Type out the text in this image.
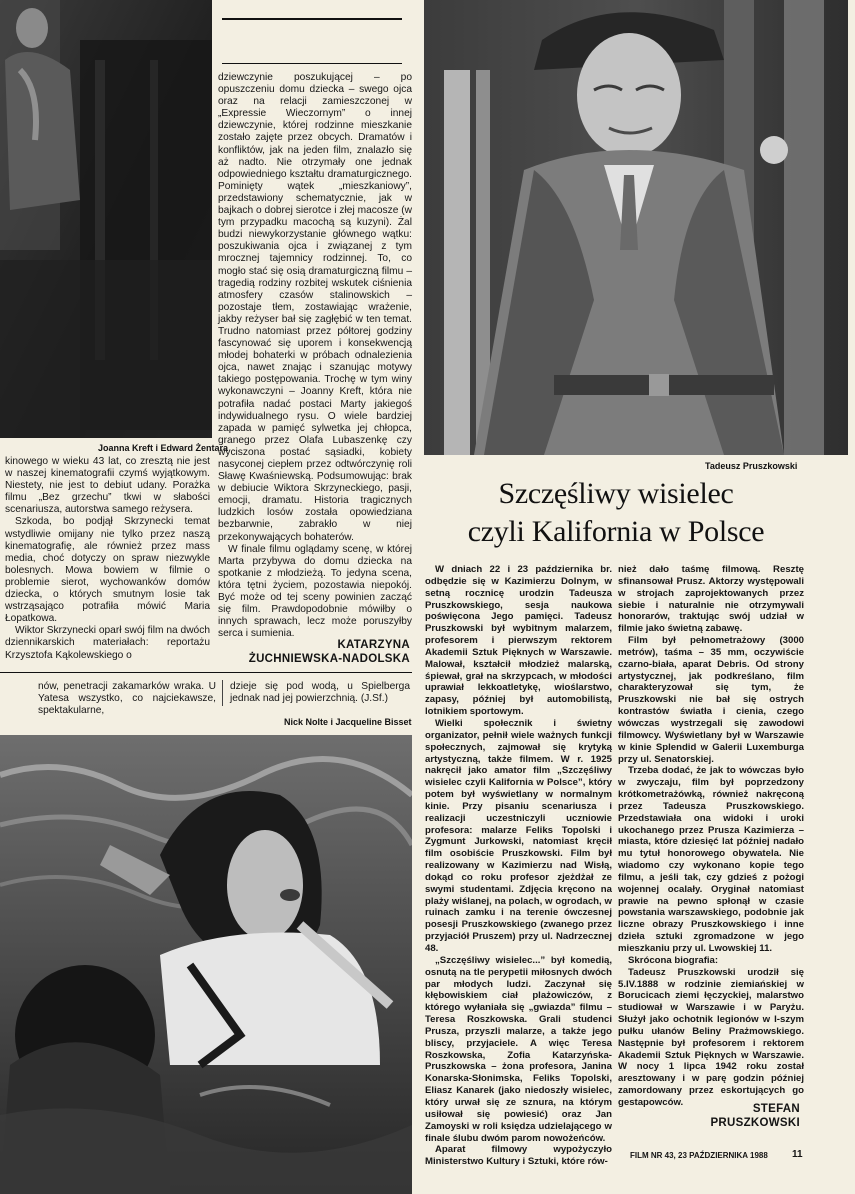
Joanna Kreft i Edward Żentara

kinowego w wieku 43 lat, co zresztą nie jest w naszej kinematografii czymś wyjątkowym. Niestety, nie jest to debiut udany. Porażka filmu „Bez grzechu” tkwi w słabości scenariusza, autorstwa samego reżysera.

Szkoda, bo podjął Skrzynecki temat wstydliwie omijany nie tylko przez naszą kinematografię, ale również przez mass media, choć dotyczy on spraw niezwykle bolesnych. Mowa bowiem w filmie o problemie sierot, wychowanków domów dziecka, o których smutnym losie tak wstrząsająco potrafiła mówić Maria Łopatkowa.

Wiktor Skrzynecki oparł swój film na dwóch dziennikarskich materiałach: reportażu Krzysztofa Kąkolewskiego o

dziewczynie poszukującej – po opuszczeniu domu dziecka – swego ojca oraz na relacji zamieszczonej w „Expressie Wieczornym” o innej dziewczynie, której rodzinne mieszkanie zostało zajęte przez obcych. Dramatów i konfliktów, jak na jeden film, znalazło się aż nadto. Nie otrzymały one jednak odpowiedniego kształtu dramaturgicznego. Pominięty wątek „mieszkaniowy”, przedstawiony schematycznie, jak w bajkach o dobrej sierotce i złej macosze (w tym przypadku macochą są kuzyni). Żal budzi niewykorzystanie głównego wątku: poszukiwania ojca i związanej z tym mrocznej tajemnicy rodzinnej. To, co mogło stać się osią dramaturgiczną filmu – tragedią rodziny rozbitej wskutek ciśnienia atmosfery czasów stalinowskich – pozostaje tłem, zostawiając wrażenie, jakby reżyser bał się zagłębić w ten temat. Trudno natomiast przez półtorej godziny fascynować się uporem i konsekwencją młodej bohaterki w próbach odnalezienia ojca, nawet znając i szanując motywy takiego postępowania. Trochę w tym winy wykonawczyni – Joanny Kreft, która nie potrafiła nadać postaci Marty jakiegoś indywidualnego rysu. O wiele bardziej zapada w pamięć sylwetka jej chłopca, granego przez Olafa Lubaszenkę czy wyciszona postać sąsiadki, kobiety nasyconej ciepłem przez odtwórczynię roli Sławę Kwaśniewską. Podsumowując: brak w debiucie Wiktora Skrzyneckiego, pasji, emocji, dramatu. Historia tragicznych ludzkich losów została opowiedziana bezbarwnie, zabrakło w niej przekonywających bohaterów.

W finale filmu oglądamy scenę, w której Marta przybywa do domu dziecka na spotkanie z młodzieżą. To jedyna scena, która tętni życiem, pozostawia niepokój. Być może od tej sceny powinien zacząć się film. Prawdopodobnie mówiłby o innych sprawach, lecz może poruszyłby serca i sumienia.

KATARZYNA
ŻUCHNIEWSKA-NADOLSKA

nów, penetracji zakamarków wraka. U Yatesa wszystko, co najciekawsze, spektakularne,

dzieje się pod wodą, u Spielberga jednak nad jej powierzchnią. (J.Sf.)

Nick Nolte i Jacqueline Bisset
Tadeusz Pruszkowski
Szczęśliwy wisielec
czyli Kalifornia w Polsce

W dniach 22 i 23 października br. odbędzie się w Kazimierzu Dolnym, w setną rocznicę urodzin Tadeusza Pruszkowskiego, sesja naukowa poświęcona Jego pamięci. Tadeusz Pruszkowski był wybitnym malarzem, profesorem i pierwszym rektorem Akademii Sztuk Pięknych w Warszawie. Malował, kształcił młodzież malarską, śpiewał, grał na skrzypcach, w młodości uprawiał lekkoatletykę, wioślarstwo, zapasy, później był automobilistą, lotnikiem sportowym.

Wielki społecznik i świetny organizator, pełnił wiele ważnych funkcji społecznych, zajmował się krytyką artystyczną, także filmem. W r. 1925 nakręcił jako amator film „Szczęśliwy wisielec czyli Kalifornia w Polsce”, który potem był wyświetlany w normalnym kinie. Przy pisaniu scenariusza i realizacji uczestniczyli uczniowie profesora: malarze Feliks Topolski i Zygmunt Jurkowski, natomiast kręcił film osobiście Pruszkowski. Film był realizowany w Kazimierzu nad Wisłą, dokąd co roku profesor zjeżdżał ze swymi studentami. Zdjęcia kręcono na plaży wiślanej, na polach, w ogrodach, w ruinach zamku i na terenie ówczesnej posesji Pruszkowskiego (zwanego przez przyjaciół Pruszem) przy ul. Nadrzecznej 48.

„Szczęśliwy wisielec...” był komedią, osnutą na tle perypetii miłosnych dwóch par młodych ludzi. Zaczynał się kłębowiskiem ciał plażowiczów, z którego wyłaniała się „gwiazda” filmu – Teresa Roszkowska. Grali studenci Prusza, przyszli malarze, a także jego bliscy, przyjaciele. A więc Teresa Roszkowska, Zofia Katarzyńska-Pruszkowska – żona profesora, Janina Konarska-Słonimska, Feliks Topolski, Eliasz Kanarek (jako niedoszły wisielec, który urwał się ze sznura, na którym usiłował się powiesić) oraz Jan Zamoyski w roli księdza udzielającego w finale ślubu dwóm parom nowożeńców.

Aparat filmowy wypożyczyło Ministerstwo Kultury i Sztuki, które rów-

nież dało taśmę filmową. Resztę sfinansował Prusz. Aktorzy występowali w strojach zaprojektowanych przez siebie i naturalnie nie otrzymywali honorarów, traktując swój udział w filmie jako świetną zabawę.

Film był pełnometrażowy (3000 metrów), taśma – 35 mm, oczywiście czarno-biała, aparat Debris. Od strony artystycznej, jak podkreślano, film charakteryzował się tym, że Pruszkowski nie bał się ostrych kontrastów światła i cienia, czego wówczas wystrzegali się zawodowi filmowcy. Wyświetlany był w Warszawie w kinie Splendid w Galerii Luxemburga przy ul. Senatorskiej.

Trzeba dodać, że jak to wówczas było w zwyczaju, film był poprzedzony krótkometrażówką, również nakręconą przez Tadeusza Pruszkowskiego. Przedstawiała ona widoki i uroki ukochanego przez Prusza Kazimierza – miasta, które dziesięć lat później nadało mu tytuł honorowego obywatela. Nie wiadomo czy wykonano kopie tego filmu, a jeśli tak, czy gdzieś z pożogi wojennej ocalały. Oryginał natomiast prawie na pewno spłonął w czasie powstania warszawskiego, podobnie jak liczne obrazy Pruszkowskiego i inne dzieła sztuki zgromadzone w jego mieszkaniu przy ul. Lwowskiej 11.

Skrócona biografia:

Tadeusz Pruszkowski urodził się 5.IV.1888 w rodzinie ziemiańskiej w Borucicach ziemi łęczyckiej, malarstwo studiował w Warszawie i w Paryżu. Służył jako ochotnik legionów w I-szym pułku ułanów Beliny Prażmowskiego. Następnie był profesorem i rektorem Akademii Sztuk Pięknych w Warszawie. W nocy 1 lipca 1942 roku został aresztowany i w parę godzin później zamordowany przez eskortujących go gestapowców.

STEFAN
PRUSZKOWSKI
FILM NR 43, 23 PAŹDZIERNIKA 1988 11
